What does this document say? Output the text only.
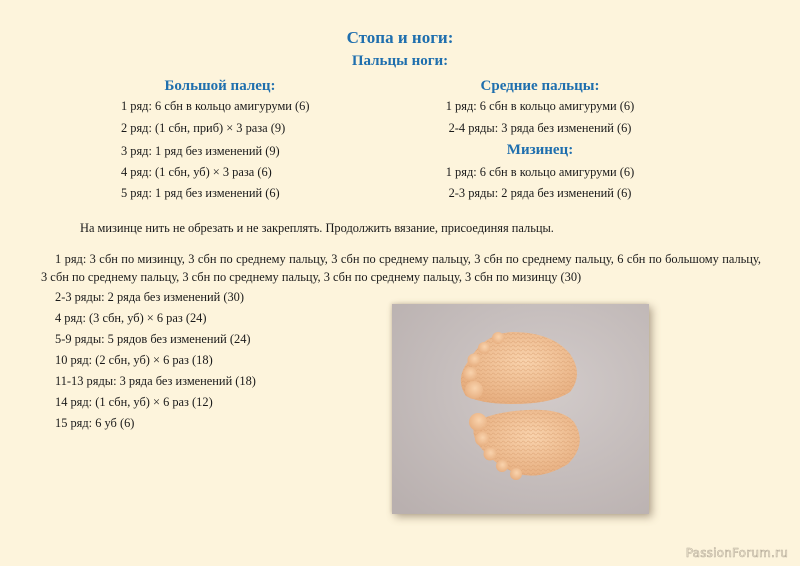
Стопа и ноги:
Пальцы ноги:
Большой палец:
1 ряд: 6 сбн в кольцо амигуруми (6)
2 ряд: (1 сбн, приб) × 3 раза (9)
3 ряд: 1 ряд без изменений (9)
4 ряд: (1 сбн, уб) × 3 раза (6)
5 ряд: 1 ряд без изменений (6)
Средние пальцы:
1 ряд: 6 сбн в кольцо амигуруми (6)
2-4 ряды: 3 ряда без изменений (6)
Мизинец:
1 ряд: 6 сбн в кольцо амигуруми (6)
2-3 ряды: 2 ряда без изменений (6)
На мизинце нить не обрезать и не закреплять. Продолжить вязание, присоединяя пальцы.
1 ряд: 3 сбн по мизинцу, 3 сбн по среднему пальцу, 3 сбн по среднему пальцу, 3 сбн по среднему пальцу, 6 сбн по большому пальцу, 3 сбн по среднему пальцу, 3 сбн по среднему пальцу, 3 сбн по среднему пальцу, 3 сбн по мизинцу (30)
2-3 ряды: 2 ряда без изменений (30)
4 ряд: (3 сбн, уб) × 6 раз (24)
5-9 ряды: 5 рядов без изменений (24)
10 ряд: (2 сбн, уб) × 6 раз (18)
11-13 ряды: 3 ряда без изменений (18)
14 ряд: (1 сбн, уб) × 6 раз (12)
15 ряд: 6 уб (6)
PassionForum.ru
